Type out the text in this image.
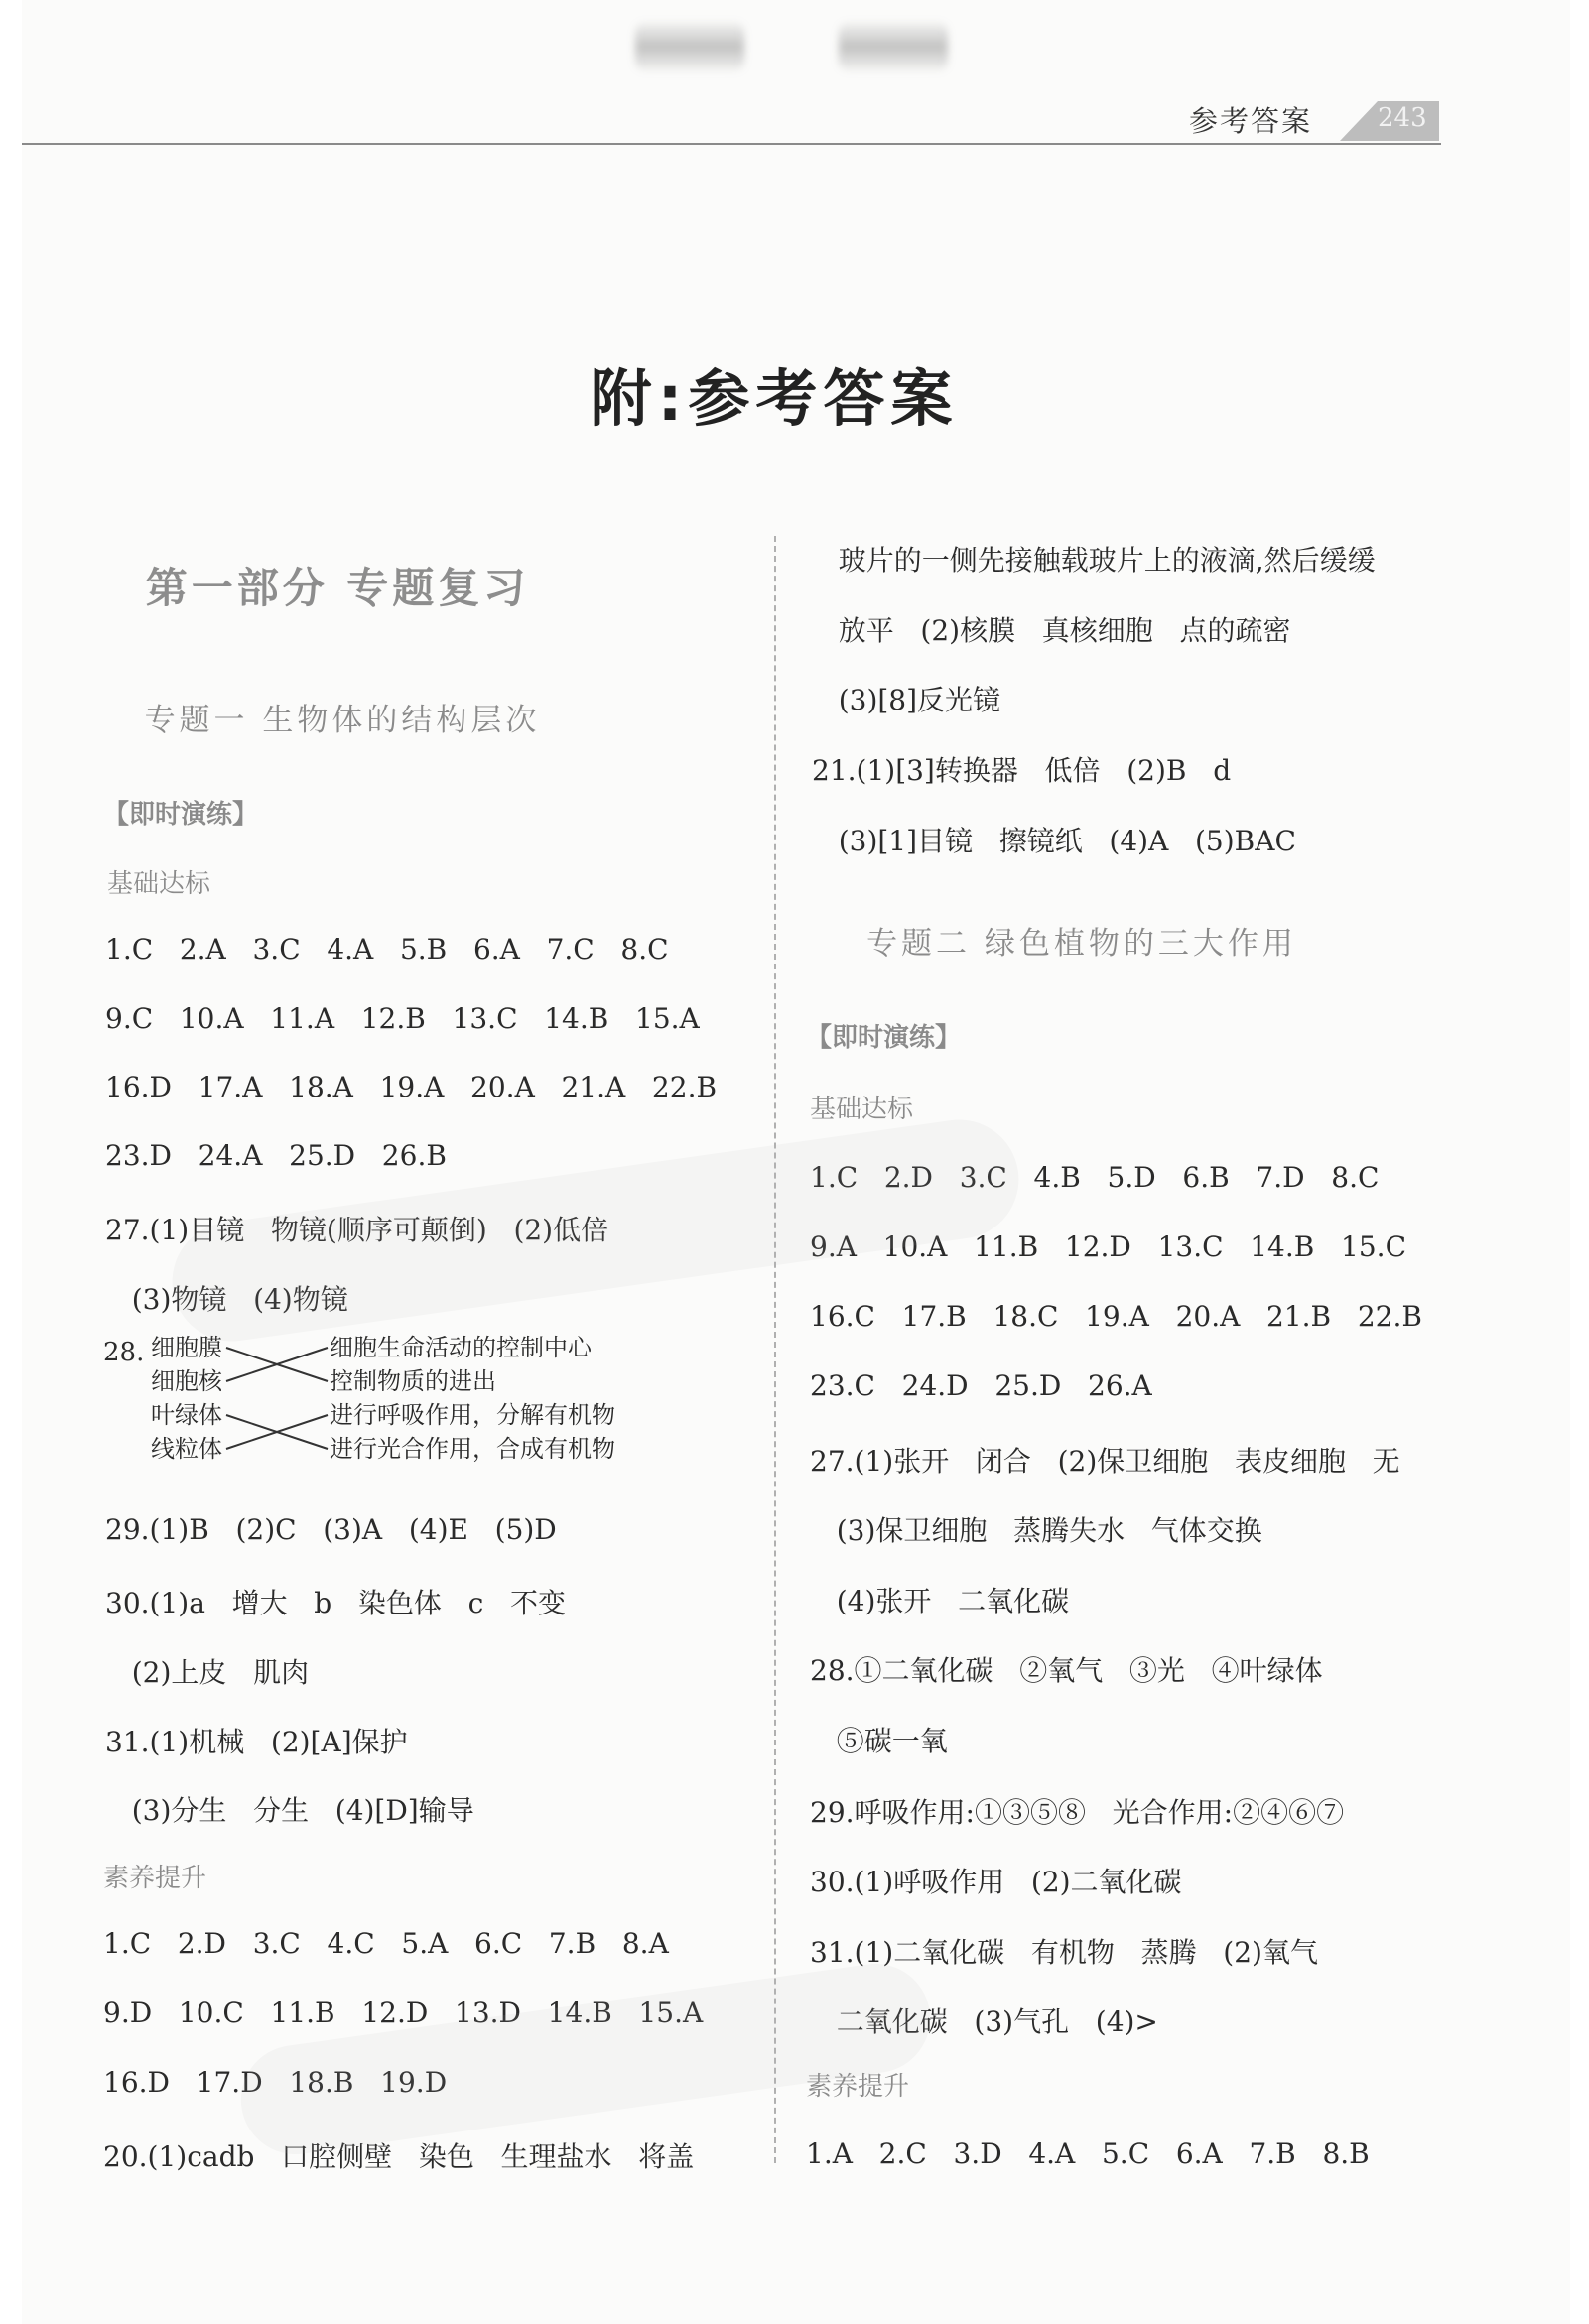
参考答案	243
附:参考答案
第一部分 专题复习
专题一 生物体的结构层次
【即时演练】
基础达标
1.C   2.A   3.C   4.A   5.B   6.A   7.C   8.C
9.C   10.A   11.A   12.B   13.C   14.B   15.A
16.D   17.A   18.A   19.A   20.A   21.A   22.B
23.D   24.A   25.D   26.B
27.(1)目镜   物镜(顺序可颠倒)   (2)低倍
(3)物镜   (4)物镜
28. 细胞膜
细胞核
叶绿体
线粒体
细胞生命活动的控制中心
控制物质的进出
进行呼吸作用，分解有机物
进行光合作用，合成有机物
29.(1)B   (2)C   (3)A   (4)E   (5)D
30.(1)a   增大   b   染色体   c   不变
(2)上皮   肌肉
31.(1)机械   (2)[A]保护
(3)分生   分生   (4)[D]输导
素养提升
1.C   2.D   3.C   4.C   5.A   6.C   7.B   8.A
9.D   10.C   11.B   12.D   13.D   14.B   15.A
16.D   17.D   18.B   19.D
20.(1)cadb   口腔侧壁   染色   生理盐水   将盖
玻片的一侧先接触载玻片上的液滴,然后缓缓
放平   (2)核膜   真核细胞   点的疏密
(3)[8]反光镜
21.(1)[3]转换器   低倍   (2)B   d
(3)[1]目镜   擦镜纸   (4)A   (5)BAC
专题二 绿色植物的三大作用
【即时演练】
基础达标
1.C   2.D   3.C   4.B   5.D   6.B   7.D   8.C
9.A   10.A   11.B   12.D   13.C   14.B   15.C
16.C   17.B   18.C   19.A   20.A   21.B   22.B
23.C   24.D   25.D   26.A
27.(1)张开   闭合   (2)保卫细胞   表皮细胞   无
(3)保卫细胞   蒸腾失水   气体交换
(4)张开   二氧化碳
28.①二氧化碳   ②氧气   ③光   ④叶绿体
⑤碳一氧
29.呼吸作用:①③⑤⑧   光合作用:②④⑥⑦
30.(1)呼吸作用   (2)二氧化碳
31.(1)二氧化碳   有机物   蒸腾   (2)氧气
二氧化碳   (3)气孔   (4)>
素养提升
1.A   2.C   3.D   4.A   5.C   6.A   7.B   8.B
